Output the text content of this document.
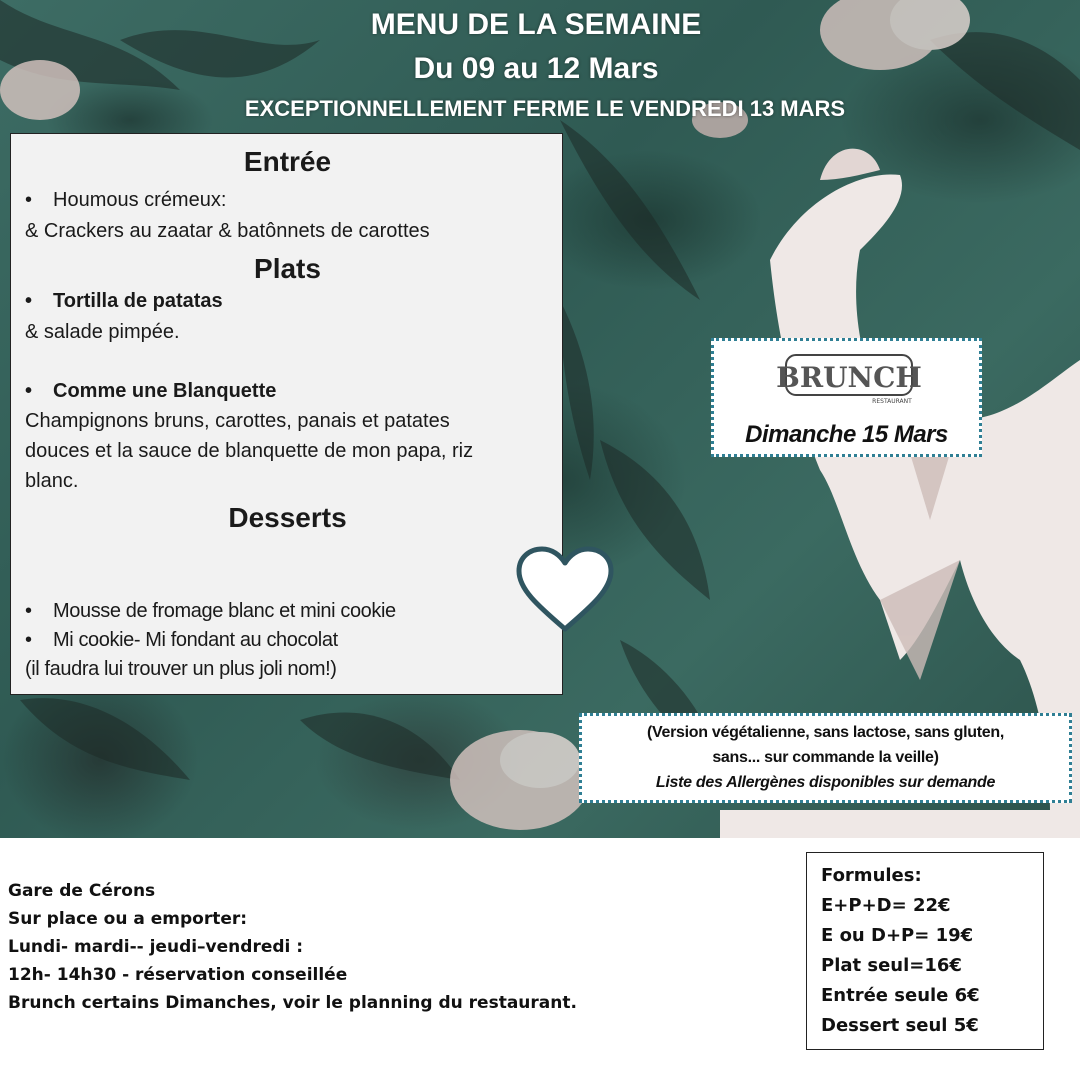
MENU DE LA SEMAINE
Du 09 au 12 Mars
EXCEPTIONNELLEMENT FERME LE VENDREDI 13 MARS
Entrée
• Houmous crémeux:
& Crackers au zaatar & batônnets de carottes
Plats
• Tortilla de patatas
& salade pimpée.
• Comme une Blanquette
Champignons bruns, carottes, panais et patates
douces et la sauce de blanquette de mon papa, riz
blanc.
Desserts
• Mousse de fromage blanc et mini cookie
• Mi cookie- Mi fondant au chocolat
(il faudra lui trouver un plus joli nom!)
BRUNCH
RESTAURANT
Dimanche 15 Mars
(Version végétalienne, sans lactose, sans gluten,
sans... sur commande la veille)
Liste des Allergènes disponibles sur demande
Gare de Cérons
Sur place ou a emporter:
Lundi- mardi-- jeudi–vendredi :
12h- 14h30 - réservation conseillée
Brunch certains Dimanches, voir le planning du restaurant.
Formules:
E+P+D= 22€
E ou D+P= 19€
Plat seul=16€
Entrée seule 6€
Dessert seul 5€
